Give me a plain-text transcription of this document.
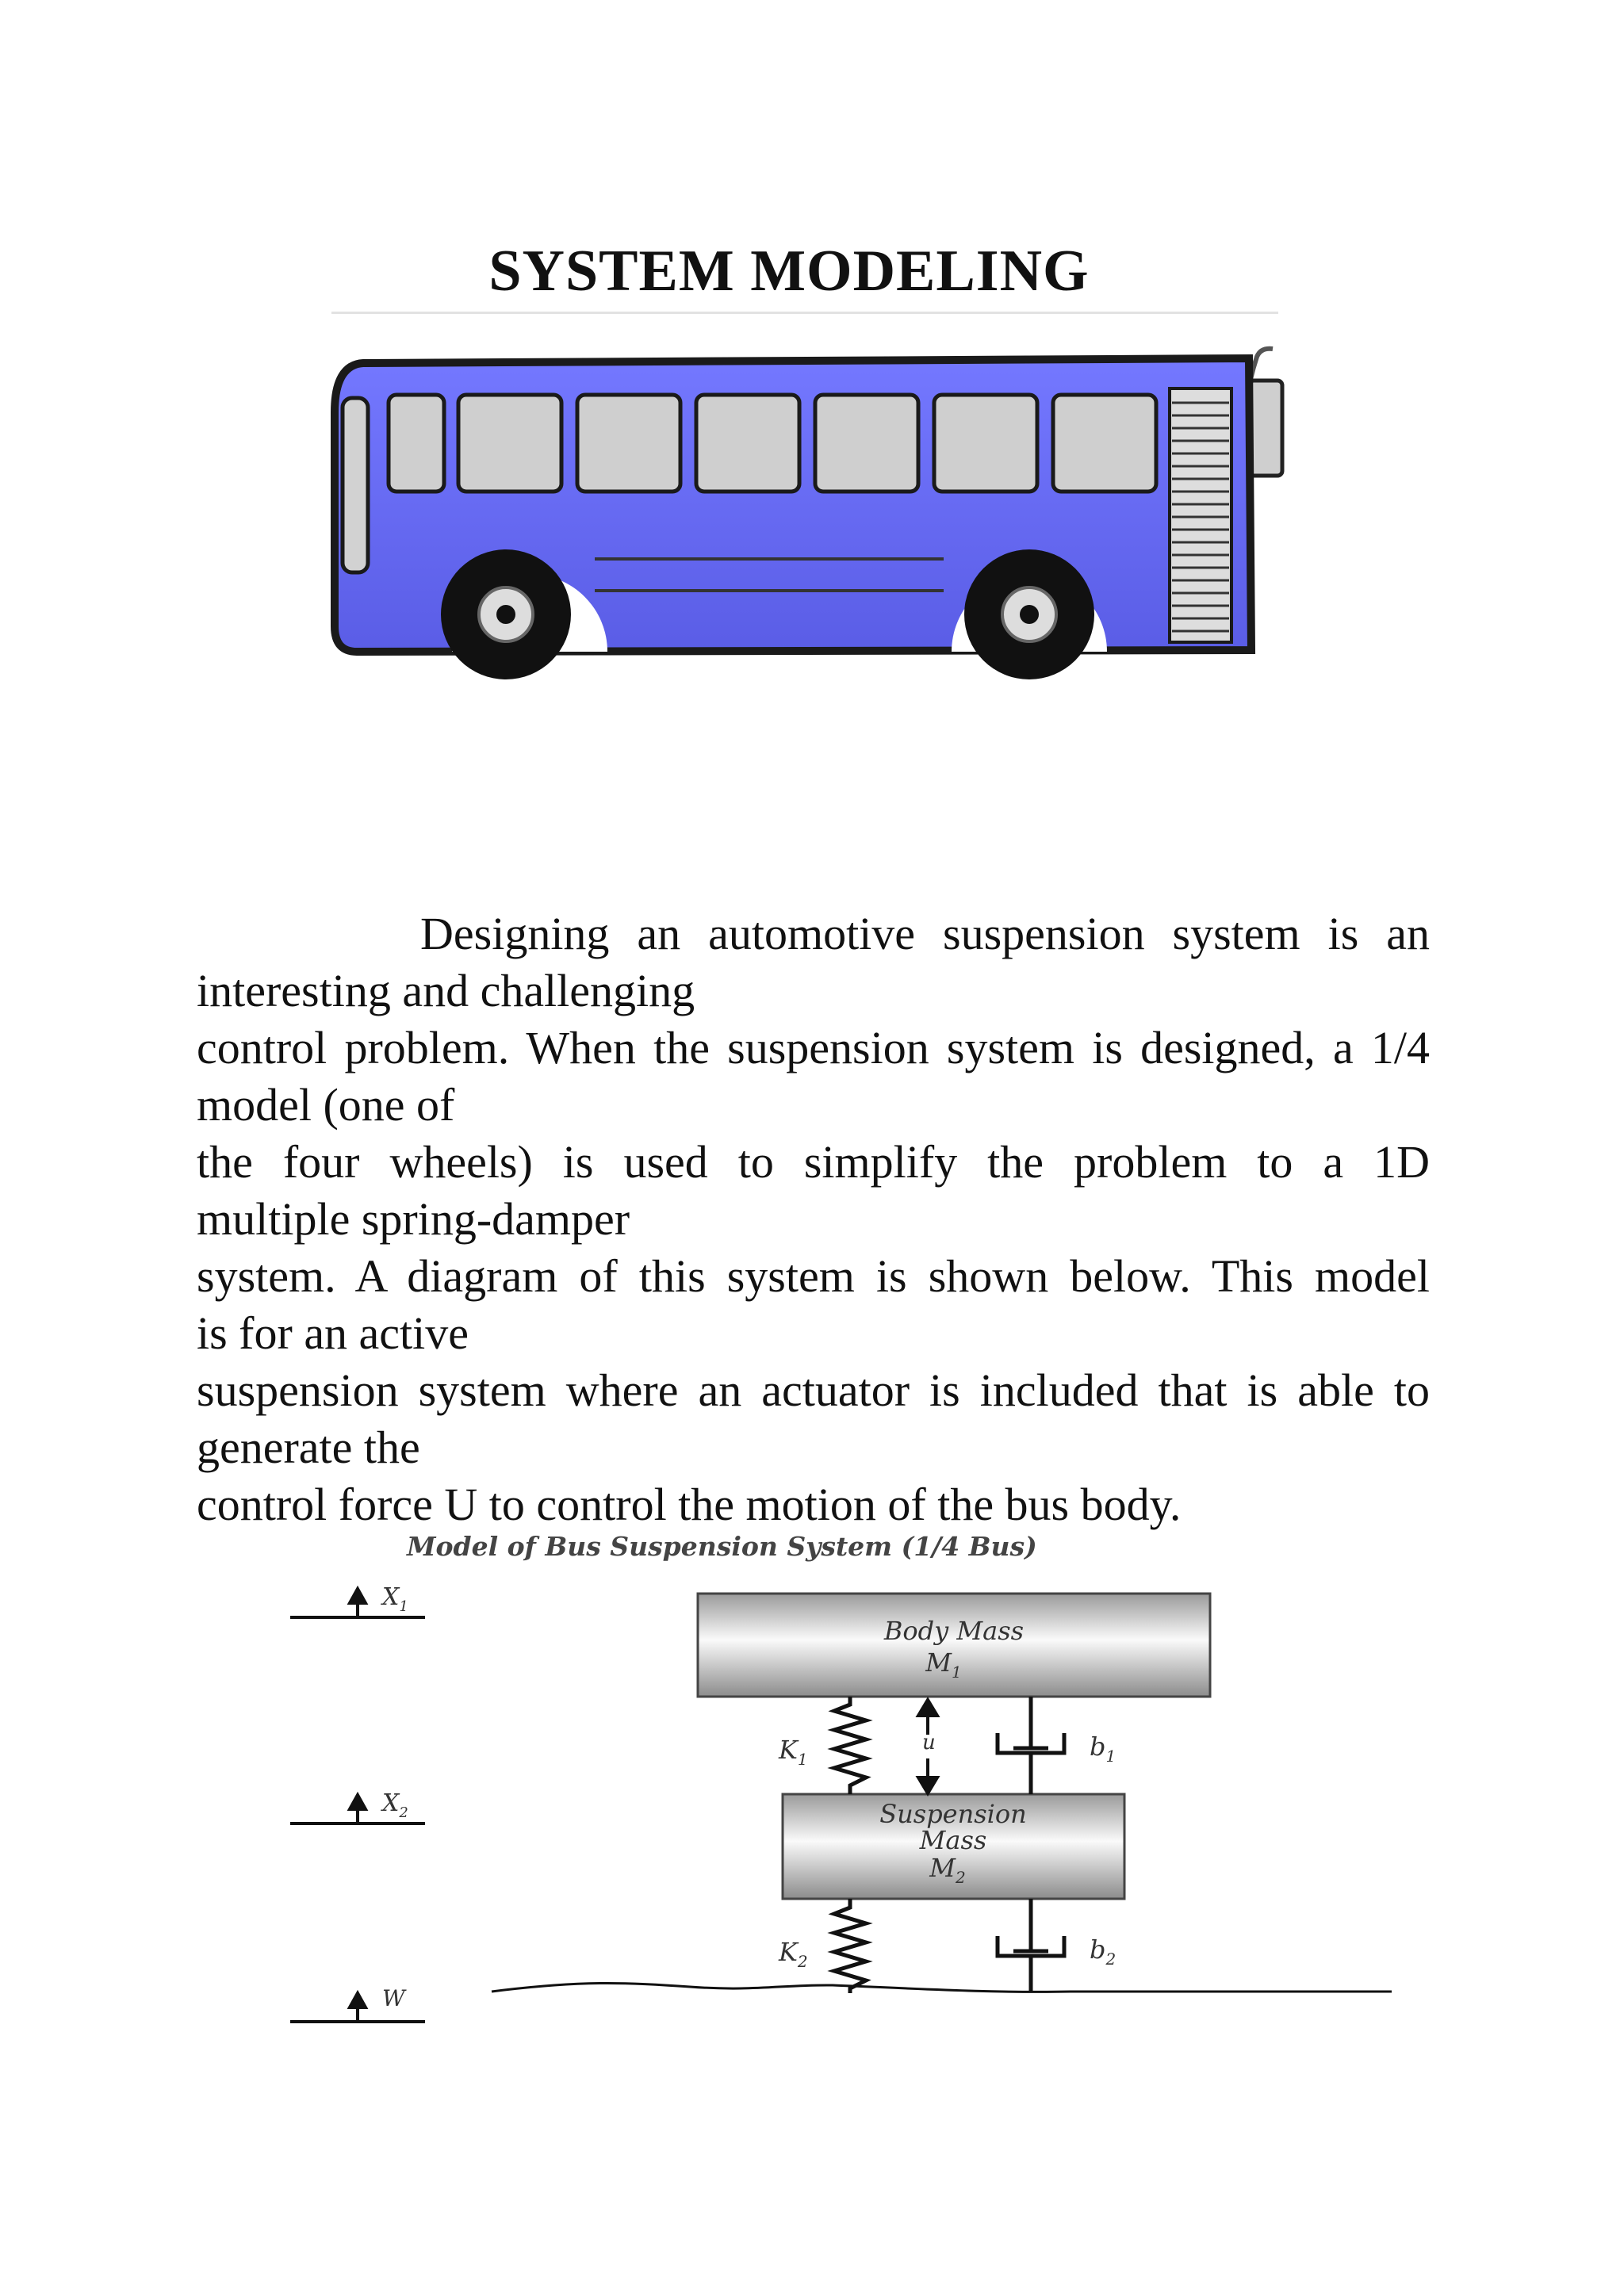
SYSTEM MODELING

Designing an automotive suspension system is an

interesting and challenging

control problem. When the suspension system is designed, a 1/4

model (one of

the four wheels) is used to simplify the problem to a 1D

multiple spring-damper

system. A diagram of this system is shown below. This model

is for an active

suspension system where an actuator is included that is able to

generate the

control force U to control the motion of the bus body.

Model of Bus Suspension System (1/4 Bus)
Body Mass
$M_1$
Suspension
Mass
$M_2$
$K_1$
u	$b_1$
$K_2$	$b_2$
$X_1$
$X_2$
W
